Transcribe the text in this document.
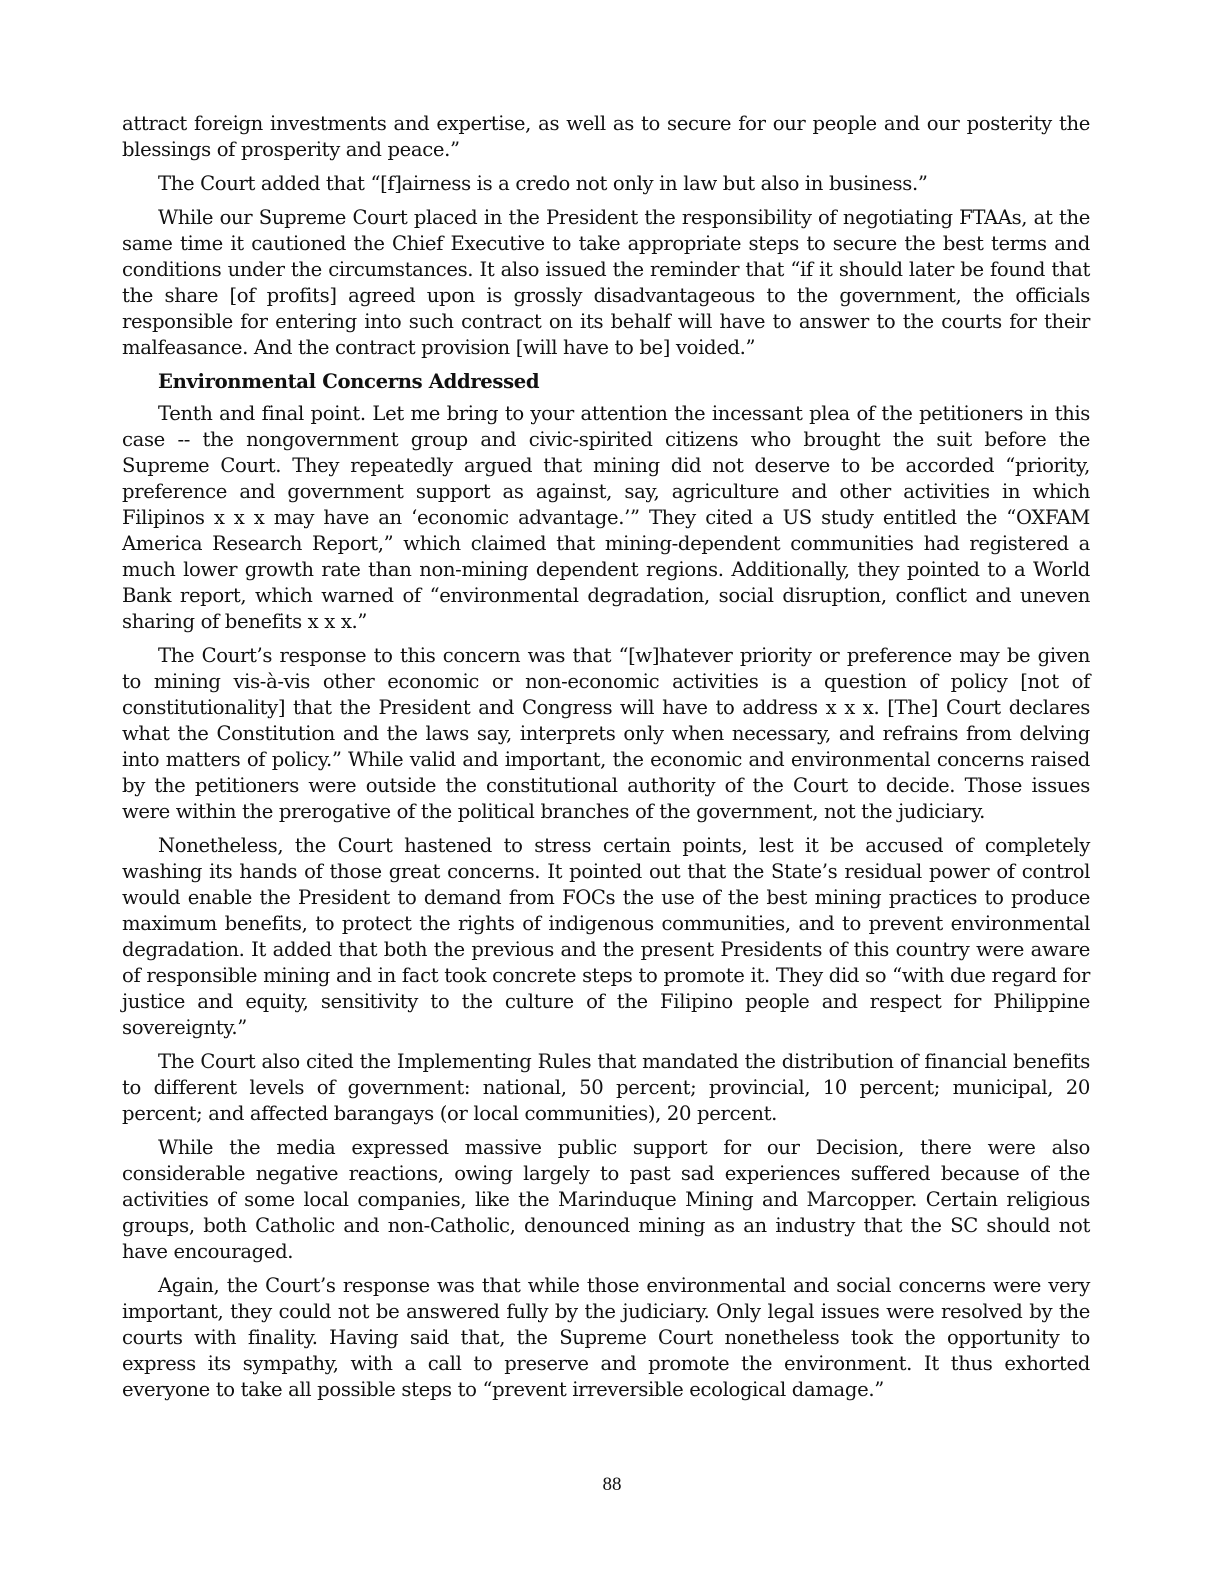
attract foreign investments and expertise, as well as to secure for our people and our posterity the blessings of prosperity and peace.”

The Court added that “[f]airness is a credo not only in law but also in business.”

While our Supreme Court placed in the President the responsibility of negotiating FTAAs, at the same time it cautioned the Chief Executive to take appropriate steps to secure the best terms and conditions under the circumstances. It also issued the reminder that “if it should later be found that the share [of profits] agreed upon is grossly disadvantageous to the government, the officials responsible for entering into such contract on its behalf will have to answer to the courts for their malfeasance. And the contract provision [will have to be] voided.”

Environmental Concerns Addressed

Tenth and final point. Let me bring to your attention the incessant plea of the petitioners in this case -- the nongovernment group and civic-spirited citizens who brought the suit before the Supreme Court. They repeatedly argued that mining did not deserve to be accorded “priority, preference and government support as against, say, agriculture and other activities in which Filipinos x x x may have an ‘economic advantage.’” They cited a US study entitled the “OXFAM America Research Report,” which claimed that mining-dependent communities had registered a much lower growth rate than non-mining dependent regions. Additionally, they pointed to a World Bank report, which warned of “environmental degradation, social disruption, conflict and uneven sharing of benefits x x x.”

The Court’s response to this concern was that “[w]hatever priority or preference may be given to mining vis-à-vis other economic or non-economic activities is a question of policy [not of constitutionality] that the President and Congress will have to address x x x. [The] Court declares what the Constitution and the laws say, interprets only when necessary, and refrains from delving into matters of policy.” While valid and important, the economic and environmental concerns raised by the petitioners were outside the constitutional authority of the Court to decide. Those issues were within the prerogative of the political branches of the government, not the judiciary.

Nonetheless, the Court hastened to stress certain points, lest it be accused of completely washing its hands of those great concerns. It pointed out that the State’s residual power of control would enable the President to demand from FOCs the use of the best mining practices to produce maximum benefits, to protect the rights of indigenous communities, and to prevent environmental degradation. It added that both the previous and the present Presidents of this country were aware of responsible mining and in fact took concrete steps to promote it. They did so “with due regard for justice and equity, sensitivity to the culture of the Filipino people and respect for Philippine sovereignty.”

The Court also cited the Implementing Rules that mandated the distribution of financial benefits to different levels of government: national, 50 percent; provincial, 10 percent; municipal, 20 percent; and affected barangays (or local communities), 20 percent.

While the media expressed massive public support for our Decision, there were also considerable negative reactions, owing largely to past sad experiences suffered because of the activities of some local companies, like the Marinduque Mining and Marcopper. Certain religious groups, both Catholic and non-Catholic, denounced mining as an industry that the SC should not have encouraged.

Again, the Court’s response was that while those environmental and social concerns were very important, they could not be answered fully by the judiciary. Only legal issues were resolved by the courts with finality. Having said that, the Supreme Court nonetheless took the opportunity to express its sympathy, with a call to preserve and promote the environment. It thus exhorted everyone to take all possible steps to “prevent irreversible ecological damage.”

88
